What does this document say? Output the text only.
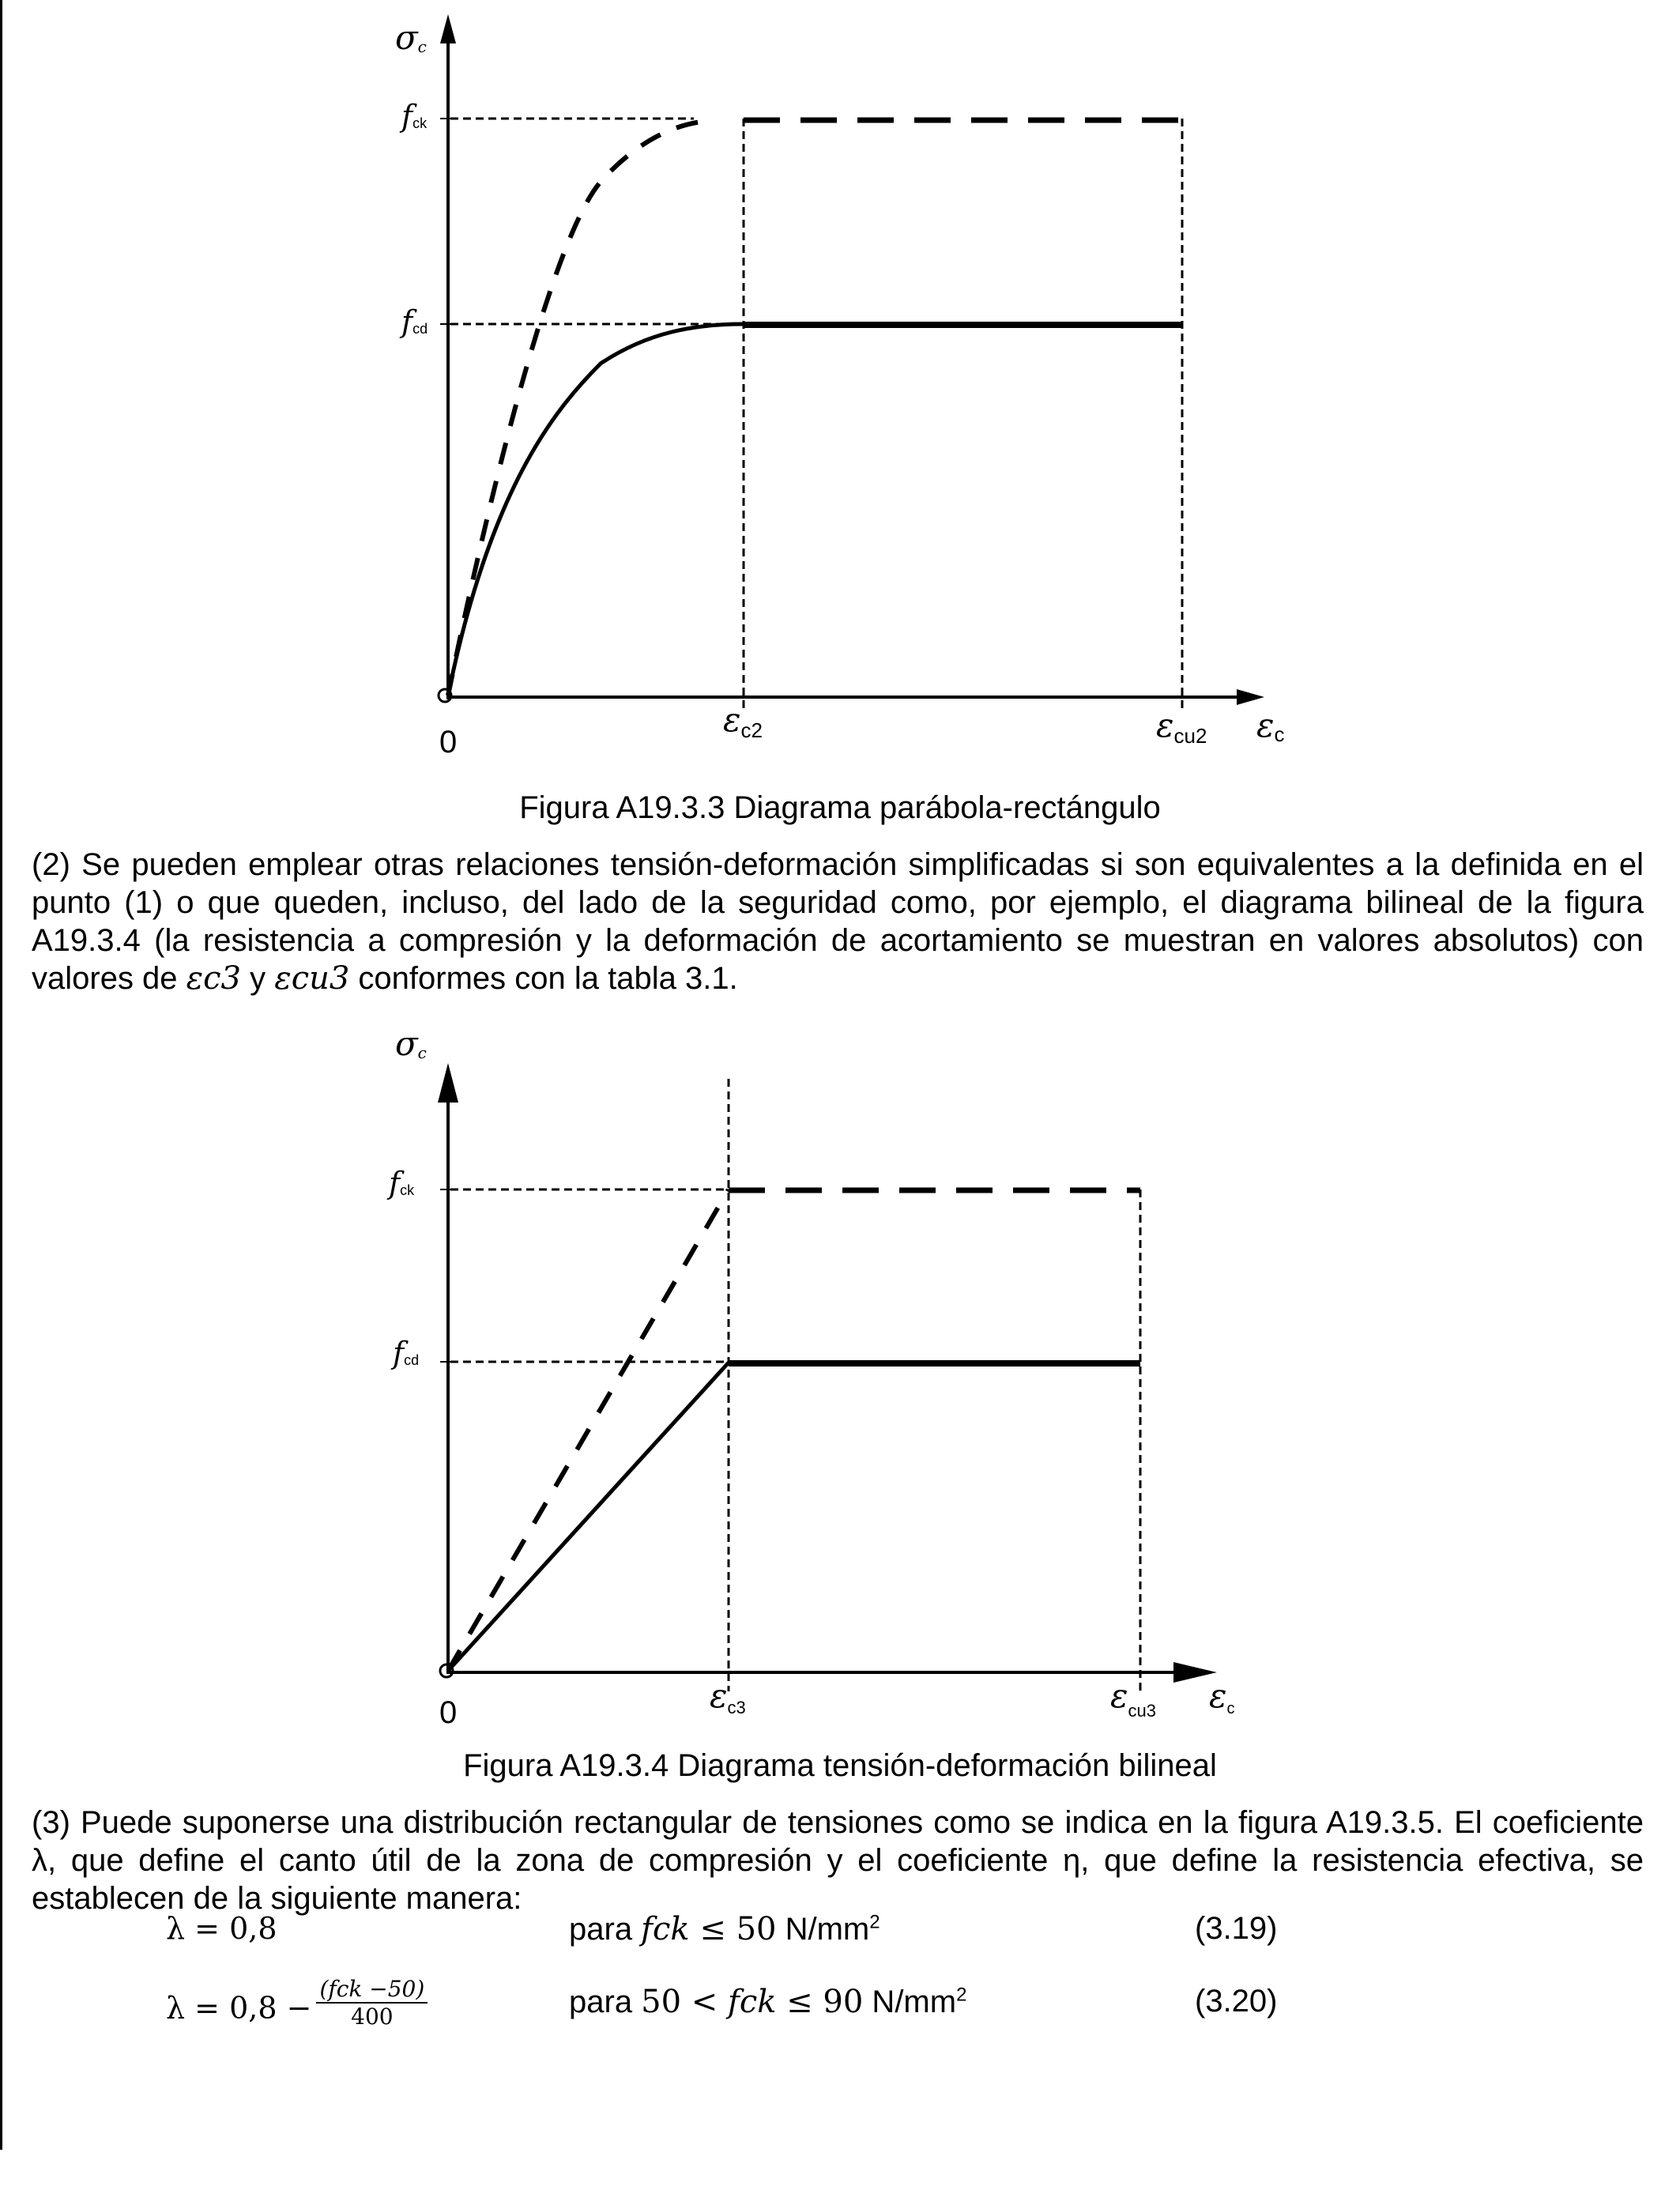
σc
fck
fcd
0
εc2	εcu2 εc
Figura A19.3.3 Diagrama parábola-rectángulo
(2) Se pueden emplear otras relaciones tensión-deformación simplificadas si son equivalentes a la definida en el punto (1) o que queden, incluso, del lado de la seguridad como, por ejemplo, el diagrama bilineal de la figura A19.3.4 (la resistencia a compresión y la deformación de acortamiento se muestran en valores absolutos) con valores de εc3 y εcu3 conformes con la tabla 3.1.
σc
fck
fcd
0	εc3	εcu3 εc
Figura A19.3.4 Diagrama tensión-deformación bilineal
(3) Puede suponerse una distribución rectangular de tensiones como se indica en la figura A19.3.5. El coeficiente λ, que define el canto útil de la zona de compresión y el coeficiente η, que define la resistencia efectiva, se establecen de la siguiente manera:
λ = 0,8	para fck ≤ 50 $N/mm^2$	(3.19)
$\lambda = 0,8 - \frac{\text{(fck −50)}}{400}$	para 50 < fck ≤ 90 $N/mm^2$	(3.20)
